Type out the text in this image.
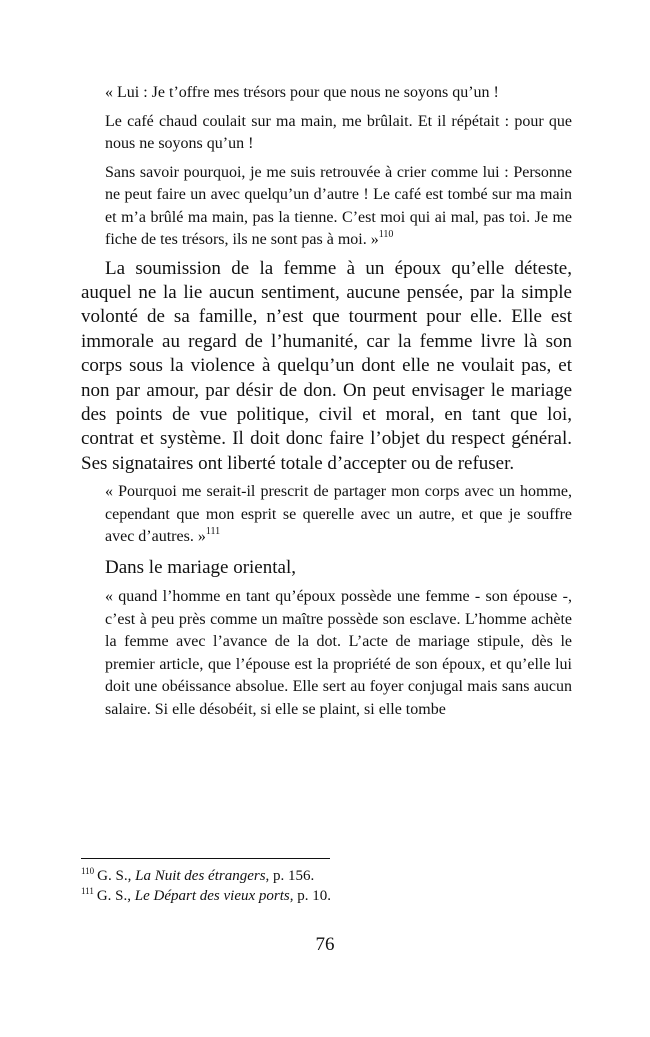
« Lui : Je t’offre mes trésors pour que nous ne soyons qu’un !

Le café chaud coulait sur ma main, me brûlait. Et il répétait : pour que nous ne soyons qu’un !

Sans savoir pourquoi, je me suis retrouvée à crier comme lui : Personne ne peut faire un avec quelqu’un d’autre ! Le café est tombé sur ma main et m’a brûlé ma main, pas la tienne. C’est moi qui ai mal, pas toi. Je me fiche de tes trésors, ils ne sont pas à moi. »$^{110}$

La soumission de la femme à un époux qu’elle déteste, auquel ne la lie aucun sentiment, aucune pensée, par la simple volonté de sa famille, n’est que tourment pour elle. Elle est immorale au regard de l’humanité, car la femme livre là son corps sous la violence à quelqu’un dont elle ne voulait pas, et non par amour, par désir de don. On peut envisager le mariage des points de vue politique, civil et moral, en tant que loi, contrat et système. Il doit donc faire l’objet du respect général. Ses signataires ont liberté totale d’accepter ou de refuser.

« Pourquoi me serait-il prescrit de partager mon corps avec un homme, cependant que mon esprit se querelle avec un autre, et que je souffre avec d’autres. »$^{111}$

Dans le mariage oriental,

« quand l’homme en tant qu’époux possède une femme - son épouse -, c’est à peu près comme un maître possède son esclave. L’homme achète la femme avec l’avance de la dot. L’acte de mariage stipule, dès le premier article, que l’épouse est la propriété de son époux, et qu’elle lui doit une obéissance absolue. Elle sert au foyer conjugal mais sans aucun salaire. Si elle désobéit, si elle se plaint, si elle tombe

$^{110}$ G. S., La Nuit des étrangers, p. 156.

$^{111}$ G. S., Le Départ des vieux ports, p. 10.

76
